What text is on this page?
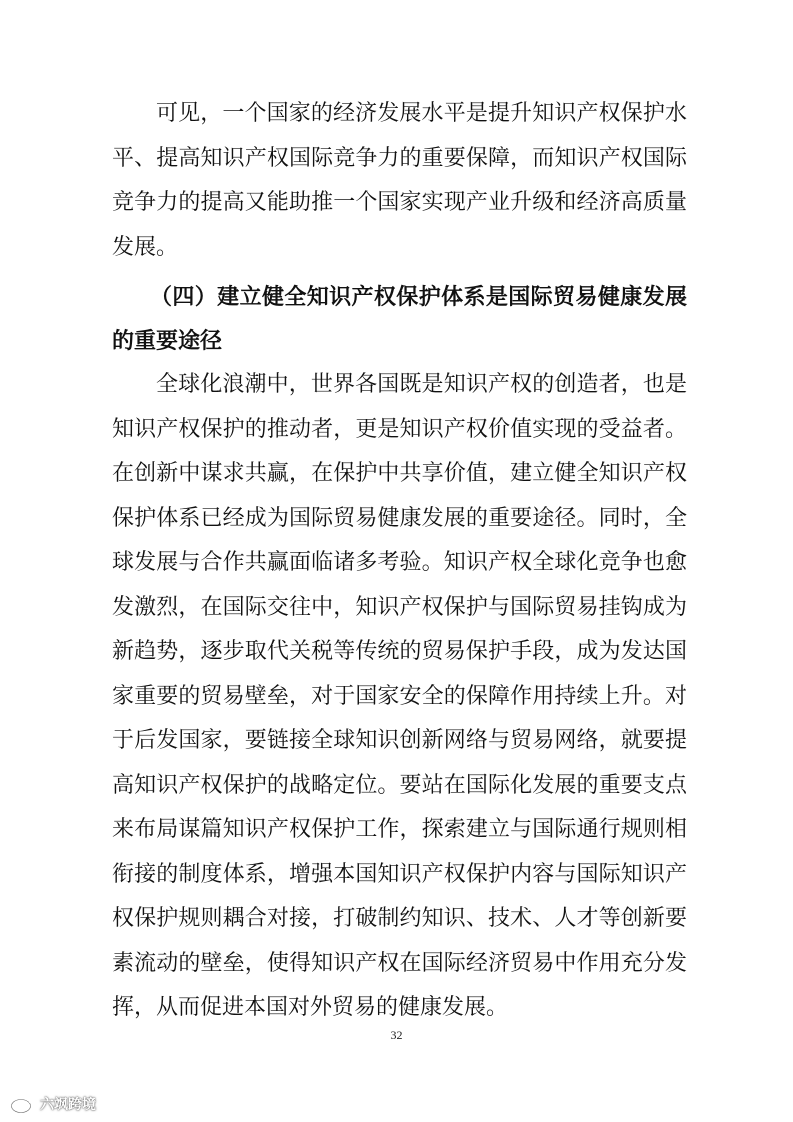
可见，一个国家的经济发展水平是提升知识产权保护水
平、提高知识产权国际竞争力的重要保障，而知识产权国际
竞争力的提高又能助推一个国家实现产业升级和经济高质量
发展。
（四）建立健全知识产权保护体系是国际贸易健康发展
的重要途径
全球化浪潮中，世界各国既是知识产权的创造者，也是
知识产权保护的推动者，更是知识产权价值实现的受益者。
在创新中谋求共赢，在保护中共享价值，建立健全知识产权
保护体系已经成为国际贸易健康发展的重要途径。同时，全
球发展与合作共赢面临诸多考验。知识产权全球化竞争也愈
发激烈，在国际交往中，知识产权保护与国际贸易挂钩成为
新趋势，逐步取代关税等传统的贸易保护手段，成为发达国
家重要的贸易壁垒，对于国家安全的保障作用持续上升。对
于后发国家，要链接全球知识创新网络与贸易网络，就要提
高知识产权保护的战略定位。要站在国际化发展的重要支点
来布局谋篇知识产权保护工作，探索建立与国际通行规则相
衔接的制度体系，增强本国知识产权保护内容与国际知识产
权保护规则耦合对接，打破制约知识、技术、人才等创新要
素流动的壁垒，使得知识产权在国际经济贸易中作用充分发
挥，从而促进本国对外贸易的健康发展。
32
六飒跨境
